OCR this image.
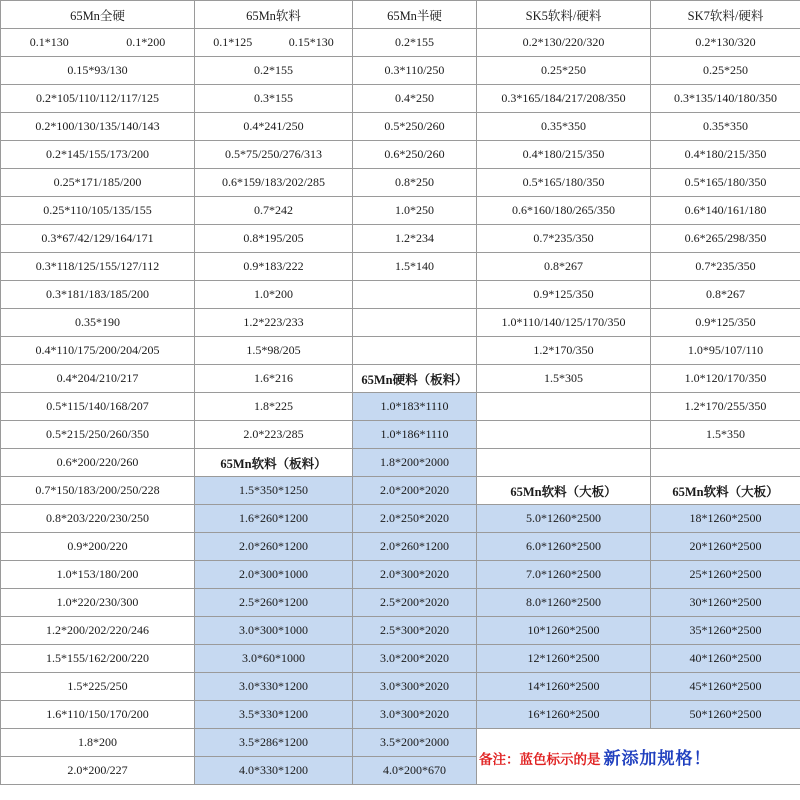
65Mn全硬	65Mn软料	65Mn半硬	SK5软料/硬料	SK7软料/硬料

0.1*130 0.1*200	0.1*125 0.15*130	0.2*155	0.2*130/220/320	0.2*130/320
0.15*93/130	0.2*155	0.3*110/250	0.25*250	0.25*250
0.2*105/110/112/117/125	0.3*155	0.4*250	0.3*165/184/217/208/350	0.3*135/140/180/350
0.2*100/130/135/140/143	0.4*241/250	0.5*250/260	0.35*350	0.35*350
0.2*145/155/173/200	0.5*75/250/276/313	0.6*250/260	0.4*180/215/350	0.4*180/215/350
0.25*171/185/200	0.6*159/183/202/285	0.8*250	0.5*165/180/350	0.5*165/180/350
0.25*110/105/135/155	0.7*242	1.0*250	0.6*160/180/265/350	0.6*140/161/180
0.3*67/42/129/164/171	0.8*195/205	1.2*234	0.7*235/350	0.6*265/298/350
0.3*118/125/155/127/112	0.9*183/222	1.5*140	0.8*267	0.7*235/350
0.3*181/183/185/200	1.0*200		0.9*125/350	0.8*267
0.35*190	1.2*223/233		1.0*110/140/125/170/350	0.9*125/350
0.4*110/175/200/204/205	1.5*98/205		1.2*170/350	1.0*95/107/110
0.4*204/210/217	1.6*216	65Mn硬料（板料）	1.5*305	1.0*120/170/350
0.5*115/140/168/207	1.8*225	1.0*183*1110		1.2*170/255/350
0.5*215/250/260/350	2.0*223/285	1.0*186*1110		1.5*350
0.6*200/220/260	65Mn软料（板料）	1.8*200*2000		
0.7*150/183/200/250/228	1.5*350*1250	2.0*200*2020	65Mn软料（大板）	65Mn软料（大板）
0.8*203/220/230/250	1.6*260*1200	2.0*250*2020	5.0*1260*2500	18*1260*2500
0.9*200/220	2.0*260*1200	2.0*260*1200	6.0*1260*2500	20*1260*2500
1.0*153/180/200	2.0*300*1000	2.0*300*2020	7.0*1260*2500	25*1260*2500
1.0*220/230/300	2.5*260*1200	2.5*200*2020	8.0*1260*2500	30*1260*2500
1.2*200/202/220/246	3.0*300*1000	2.5*300*2020	10*1260*2500	35*1260*2500
1.5*155/162/200/220	3.0*60*1000	3.0*200*2020	12*1260*2500	40*1260*2500
1.5*225/250	3.0*330*1200	3.0*300*2020	14*1260*2500	45*1260*2500
1.6*110/150/170/200	3.5*330*1200	3.0*300*2020	16*1260*2500	50*1260*2500
1.8*200	3.5*286*1200	3.5*200*2000	备注：蓝色标示的是 新添加规格！	
2.0*200/227	4.0*330*1200	4.0*200*670		
